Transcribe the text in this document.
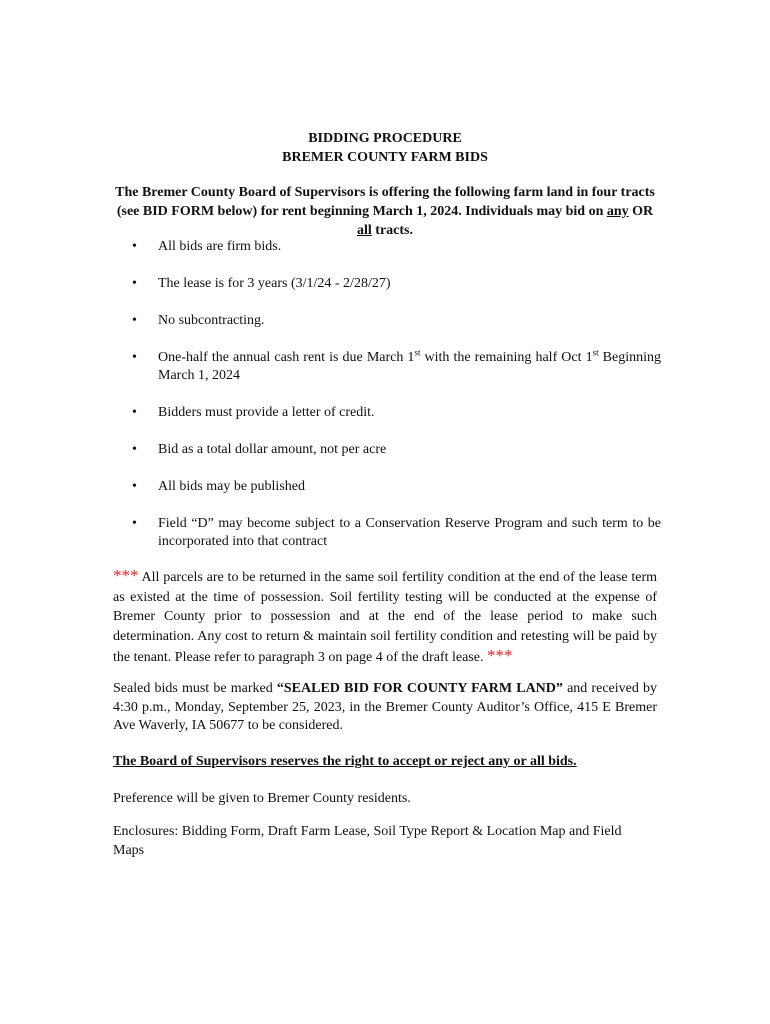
BIDDING PROCEDURE
BREMER COUNTY FARM BIDS
The Bremer County Board of Supervisors is offering the following farm land in four tracts (see BID FORM below) for rent beginning March 1, 2024. Individuals may bid on any OR all tracts.
• All bids are firm bids.
• The lease is for 3 years (3/1/24 - 2/28/27)
• No subcontracting.
• One-half the annual cash rent is due March 1st with the remaining half Oct 1st Beginning March 1, 2024
• Bidders must provide a letter of credit.
• Bid as a total dollar amount, not per acre
• All bids may be published
• Field “D” may become subject to a Conservation Reserve Program and such term to be incorporated into that contract
*** All parcels are to be returned in the same soil fertility condition at the end of the lease term as existed at the time of possession. Soil fertility testing will be conducted at the expense of Bremer County prior to possession and at the end of the lease period to make such determination. Any cost to return & maintain soil fertility condition and retesting will be paid by the tenant. Please refer to paragraph 3 on page 4 of the draft lease. ***
Sealed bids must be marked “SEALED BID FOR COUNTY FARM LAND” and received by 4:30 p.m., Monday, September 25, 2023, in the Bremer County Auditor’s Office, 415 E Bremer Ave Waverly, IA 50677 to be considered.
The Board of Supervisors reserves the right to accept or reject any or all bids.
Preference will be given to Bremer County residents.
Enclosures: Bidding Form, Draft Farm Lease, Soil Type Report & Location Map and Field Maps
